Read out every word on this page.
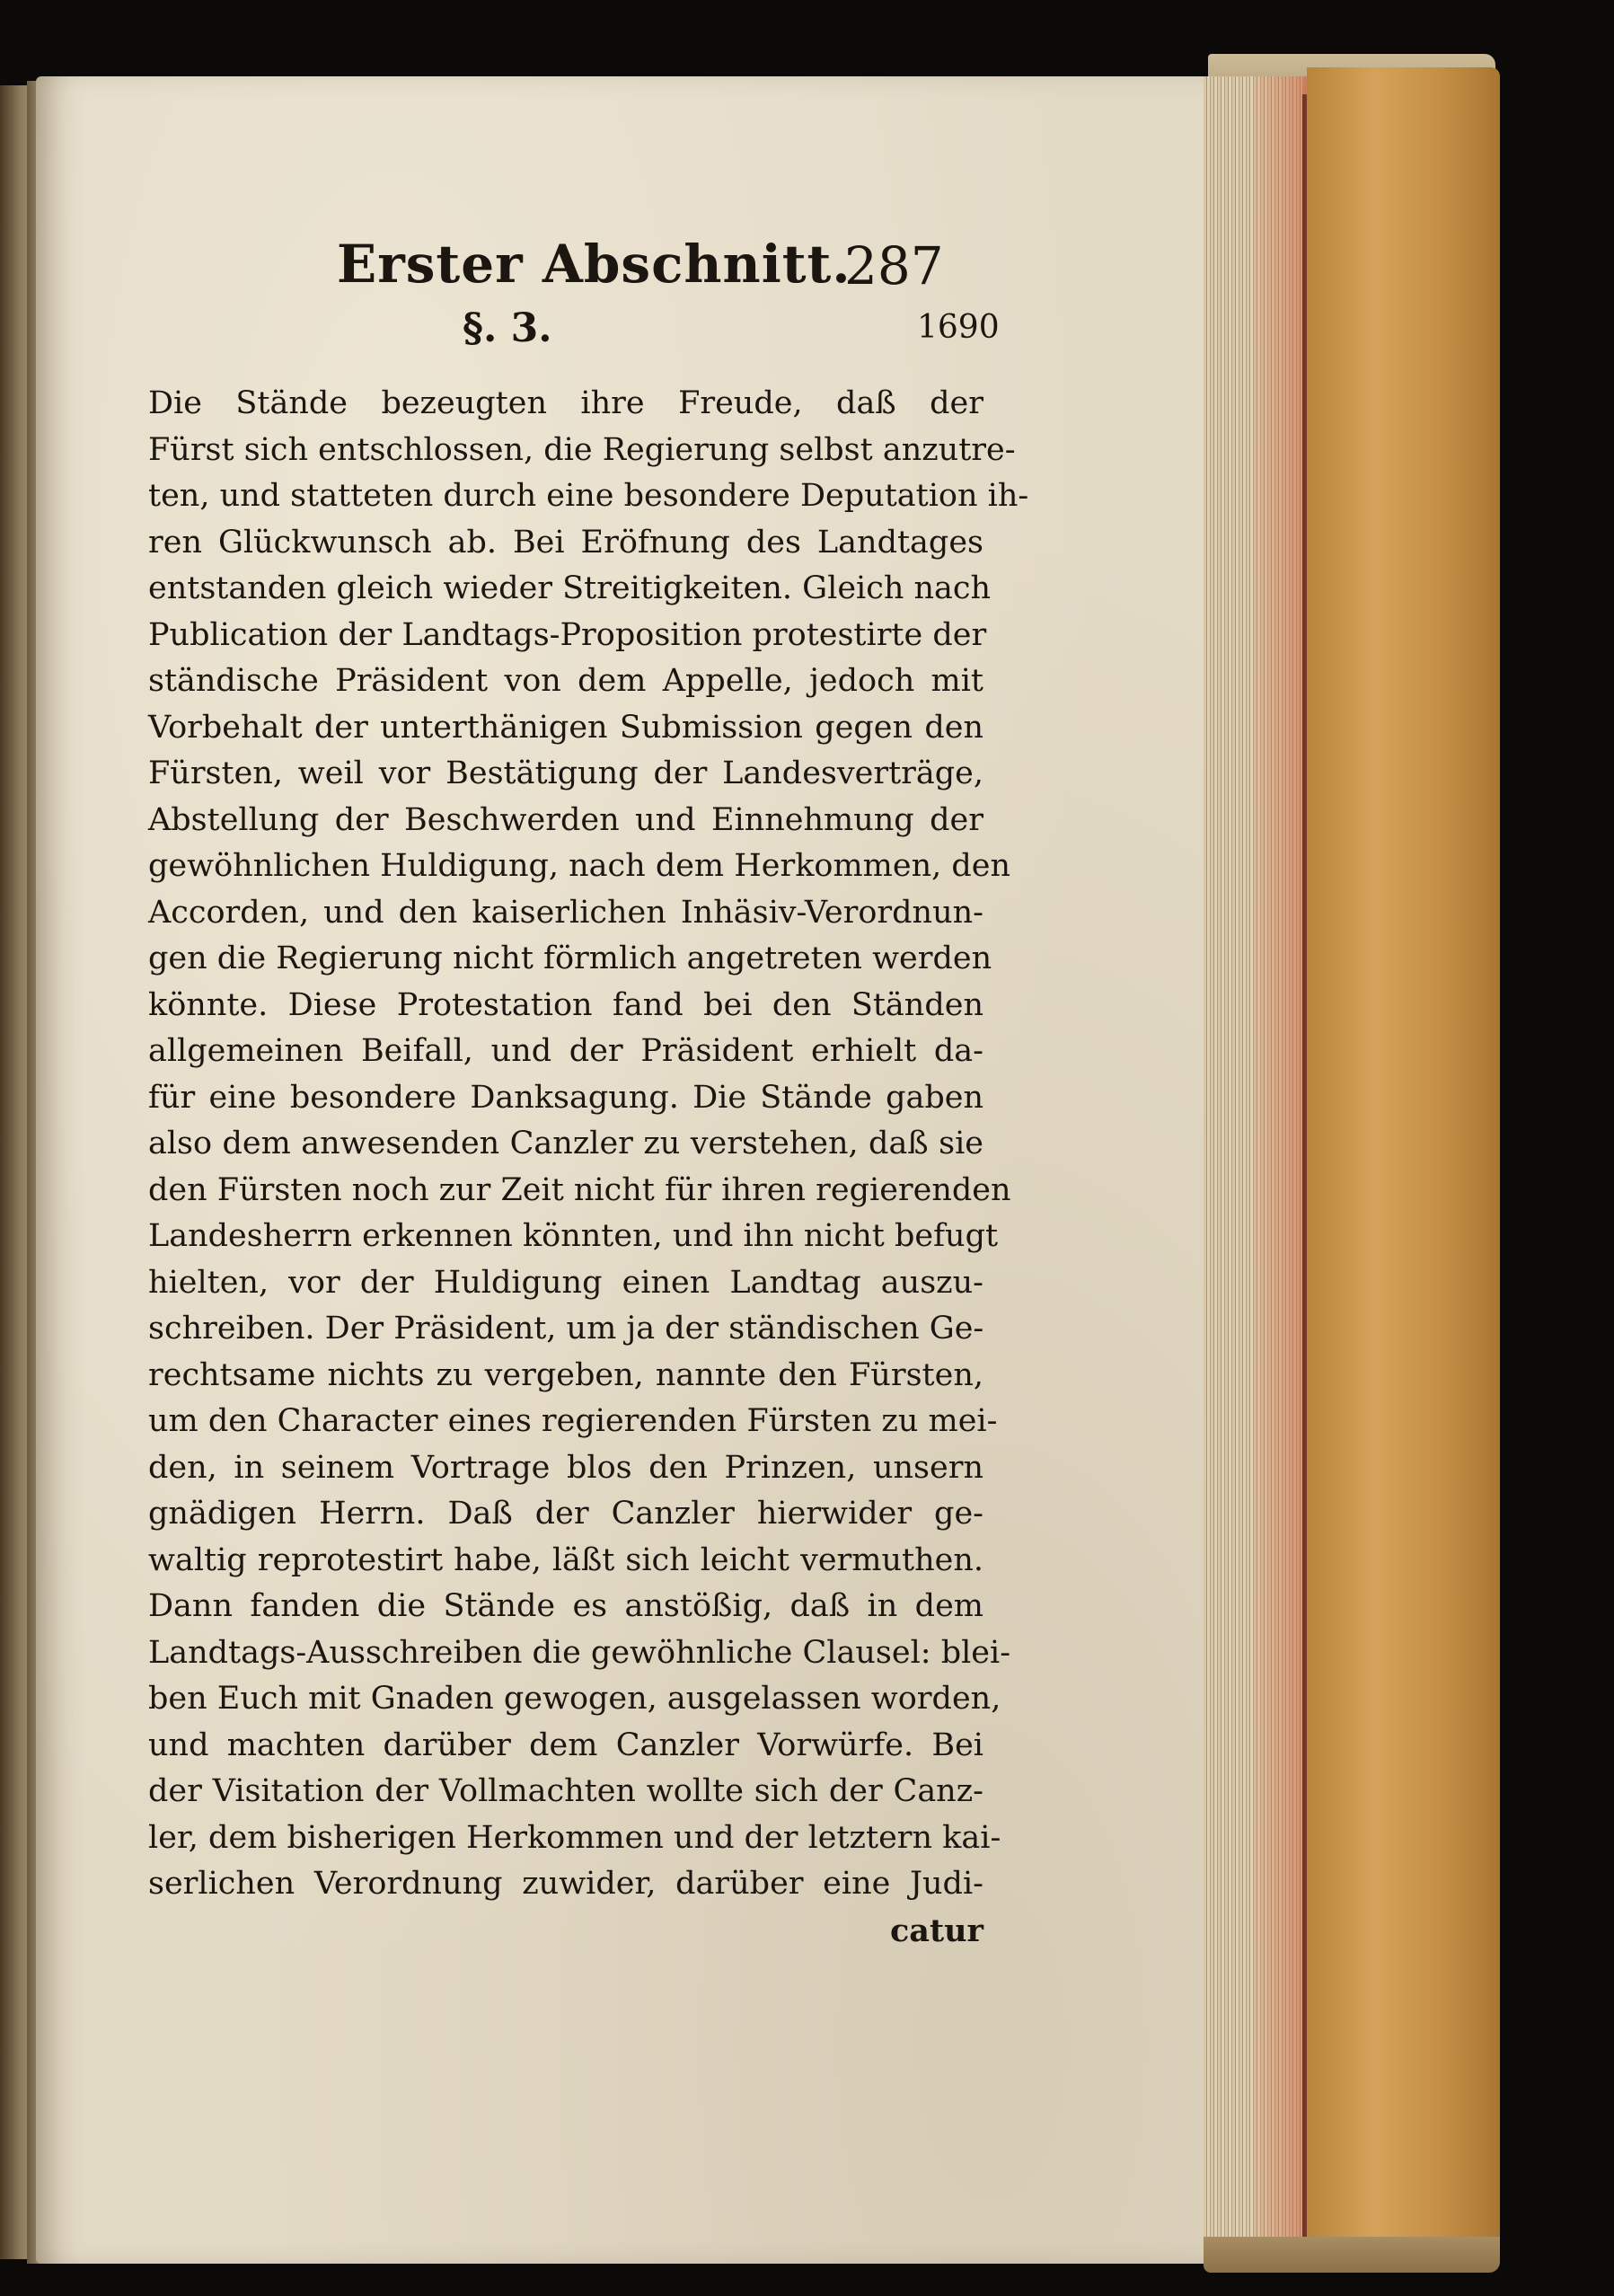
Erster Abschnitt.
287
§. 3.	1690
Die Stände bezeugten ihre Freude, daß der
Fürst sich entschlossen, die Regierung selbst anzutre-
ten, und statteten durch eine besondere Deputation ih-
ren Glückwunsch ab. Bei Eröfnung des Landtages
entstanden gleich wieder Streitigkeiten. Gleich nach
Publication der Landtags-Proposition protestirte der
ständische Präsident von dem Appelle, jedoch mit
Vorbehalt der unterthänigen Submission gegen den
Fürsten, weil vor Bestätigung der Landesverträge,
Abstellung der Beschwerden und Einnehmung der
gewöhnlichen Huldigung, nach dem Herkommen, den
Accorden, und den kaiserlichen Inhäsiv-Verordnun-
gen die Regierung nicht förmlich angetreten werden
könnte. Diese Protestation fand bei den Ständen
allgemeinen Beifall, und der Präsident erhielt da-
für eine besondere Danksagung. Die Stände gaben
also dem anwesenden Canzler zu verstehen, daß sie
den Fürsten noch zur Zeit nicht für ihren regierenden
Landesherrn erkennen könnten, und ihn nicht befugt
hielten, vor der Huldigung einen Landtag auszu-
schreiben. Der Präsident, um ja der ständischen Ge-
rechtsame nichts zu vergeben, nannte den Fürsten,
um den Character eines regierenden Fürsten zu mei-
den, in seinem Vortrage blos den Prinzen, unsern
gnädigen Herrn. Daß der Canzler hierwider ge-
waltig reprotestirt habe, läßt sich leicht vermuthen.
Dann fanden die Stände es anstößig, daß in dem
Landtags-Ausschreiben die gewöhnliche Clausel: blei-
ben Euch mit Gnaden gewogen, ausgelassen worden,
und machten darüber dem Canzler Vorwürfe. Bei
der Visitation der Vollmachten wollte sich der Canz-
ler, dem bisherigen Herkommen und der letztern kai-
serlichen Verordnung zuwider, darüber eine Judi-
catur
